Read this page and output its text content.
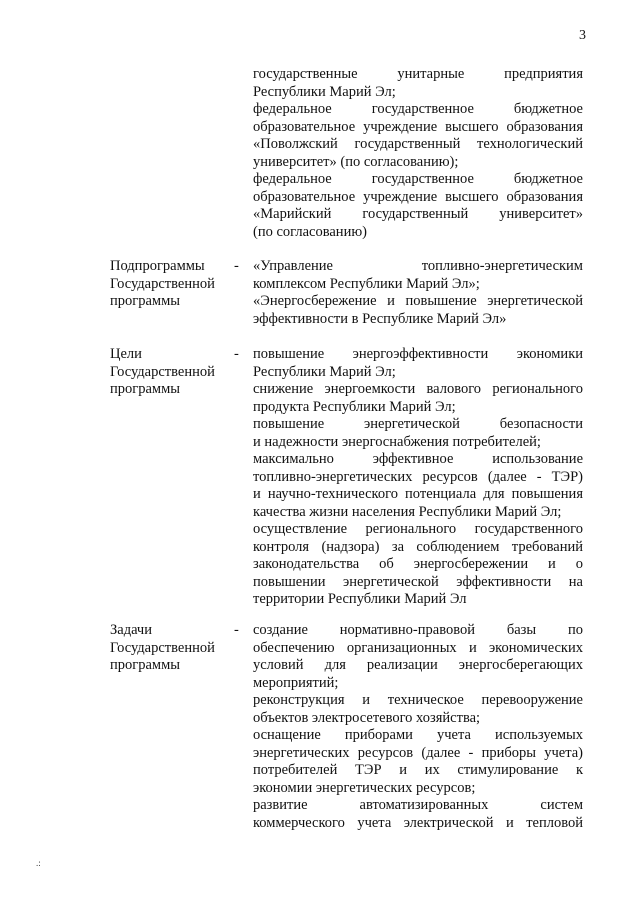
3
государственные унитарные предприятия
Республики Марий Эл;
федеральное государственное бюджетное
образовательное учреждение высшего образования
«Поволжский государственный технологический
университет» (по согласованию);
федеральное государственное бюджетное
образовательное учреждение высшего образования
«Марийский государственный университет»
(по согласованию)
Подпрограммы
Государственной
программы
- «Управление топливно-энергетическим
комплексом Республики Марий Эл»;
«Энергосбережение и повышение энергетической
эффективности в Республике Марий Эл»
Цели
Государственной
программы
- повышение энергоэффективности экономики
Республики Марий Эл;
снижение энергоемкости валового регионального
продукта Республики Марий Эл;
повышение энергетической безопасности
и надежности энергоснабжения потребителей;
максимально эффективное использование
топливно-энергетических ресурсов (далее - ТЭР)
и научно-технического потенциала для повышения
качества жизни населения Республики Марий Эл;
осуществление регионального государственного
контроля (надзора) за соблюдением требований
законодательства об энергосбережении и о
повышении энергетической эффективности на
территории Республики Марий Эл
Задачи
Государственной
программы
- создание нормативно-правовой базы по
обеспечению организационных и экономических
условий для реализации энергосберегающих
мероприятий;
реконструкция и техническое перевооружение
объектов электросетевого хозяйства;
оснащение приборами учета используемых
энергетических ресурсов (далее - приборы учета)
потребителей ТЭР и их стимулирование к
экономии энергетических ресурсов;
развитие автоматизированных систем
коммерческого учета электрической и тепловой
.:
